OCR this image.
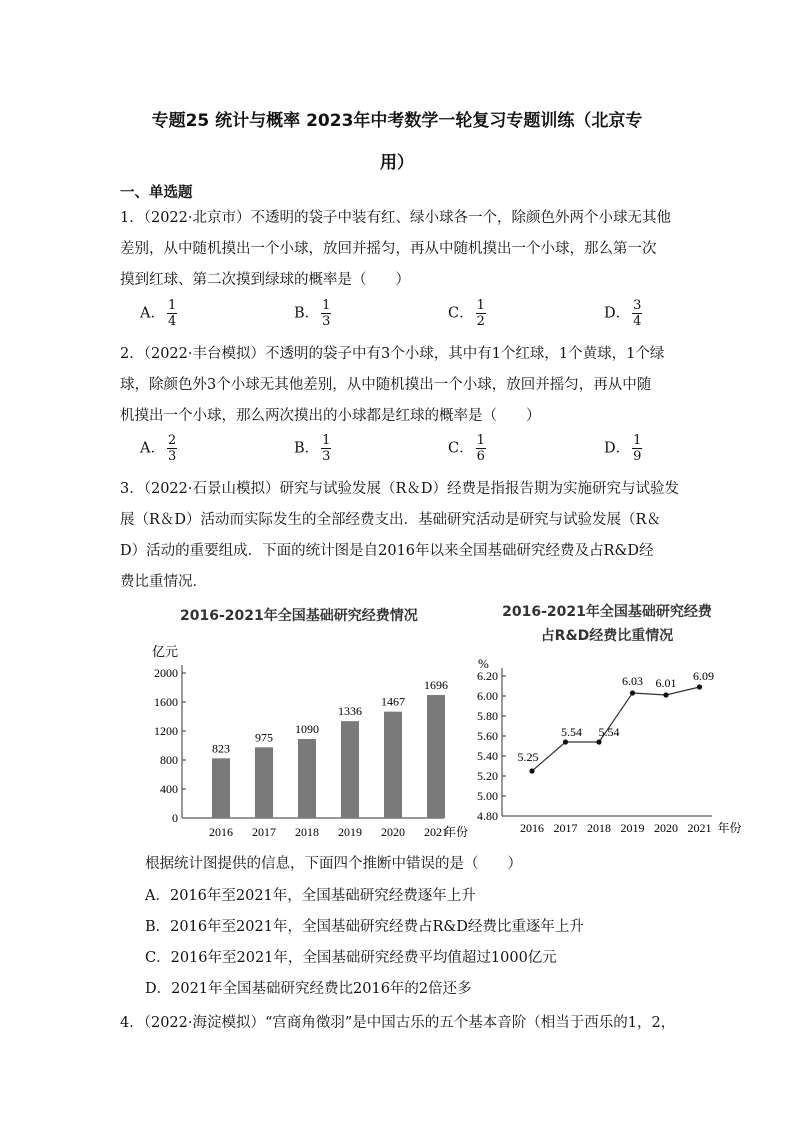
专题25 统计与概率 2023年中考数学一轮复习专题训练（北京专
用）
一、单选题
1．（2022·北京市）不透明的袋子中装有红、绿小球各一个，除颜色外两个小球无其他
差别，从中随机摸出一个小球，放回并摇匀，再从中随机摸出一个小球，那么第一次
摸到红球、第二次摸到绿球的概率是（　　）
A． $\frac{1}{4}$	B． $\frac{1}{3}$	C． $\frac{1}{2}$	D． $\frac{3}{4}$
2．（2022·丰台模拟）不透明的袋子中有3个小球，其中有1个红球，1个黄球，1个绿
球，除颜色外3个小球无其他差别，从中随机摸出一个小球，放回并摇匀，再从中随
机摸出一个小球，那么两次摸出的小球都是红球的概率是（　　）
A． $\frac{2}{3}$	B． $\frac{1}{3}$	C． $\frac{1}{6}$	D． $\frac{1}{9}$
3．（2022·石景山模拟）研究与试验发展（R＆D）经费是指报告期为实施研究与试验发
展（R＆D）活动而实际发生的全部经费支出．基础研究活动是研究与试验发展（R＆
D）活动的重要组成．下面的统计图是自2016年以来全国基础研究经费及占R&D经
费比重情况．
2016-2021年全国基础研究经费情况	2016-2021年全国基础研究经费
占R&D经费比重情况
亿元
0
400
800
1200
1600
2000
823
2016
975
2017
1090
2018
1336
2019
1467
2020
1696
2021
年份
%
4.80
5.00
5.20
5.40
5.60
5.80
6.00
6.20
5.25
2016
5.54
2017
5.54
2018
6.03
2019
6.01
2020
6.09
2021 年份
根据统计图提供的信息，下面四个推断中错误的是（　　）
A．2016年至2021年，全国基础研究经费逐年上升
B．2016年至2021年，全国基础研究经费占R&D经费比重逐年上升
C．2016年至2021年，全国基础研究经费平均值超过1000亿元
D．2021年全国基础研究经费比2016年的2倍还多
4．（2022·海淀模拟）“宫商角徵羽”是中国古乐的五个基本音阶（相当于西乐的1，2，
